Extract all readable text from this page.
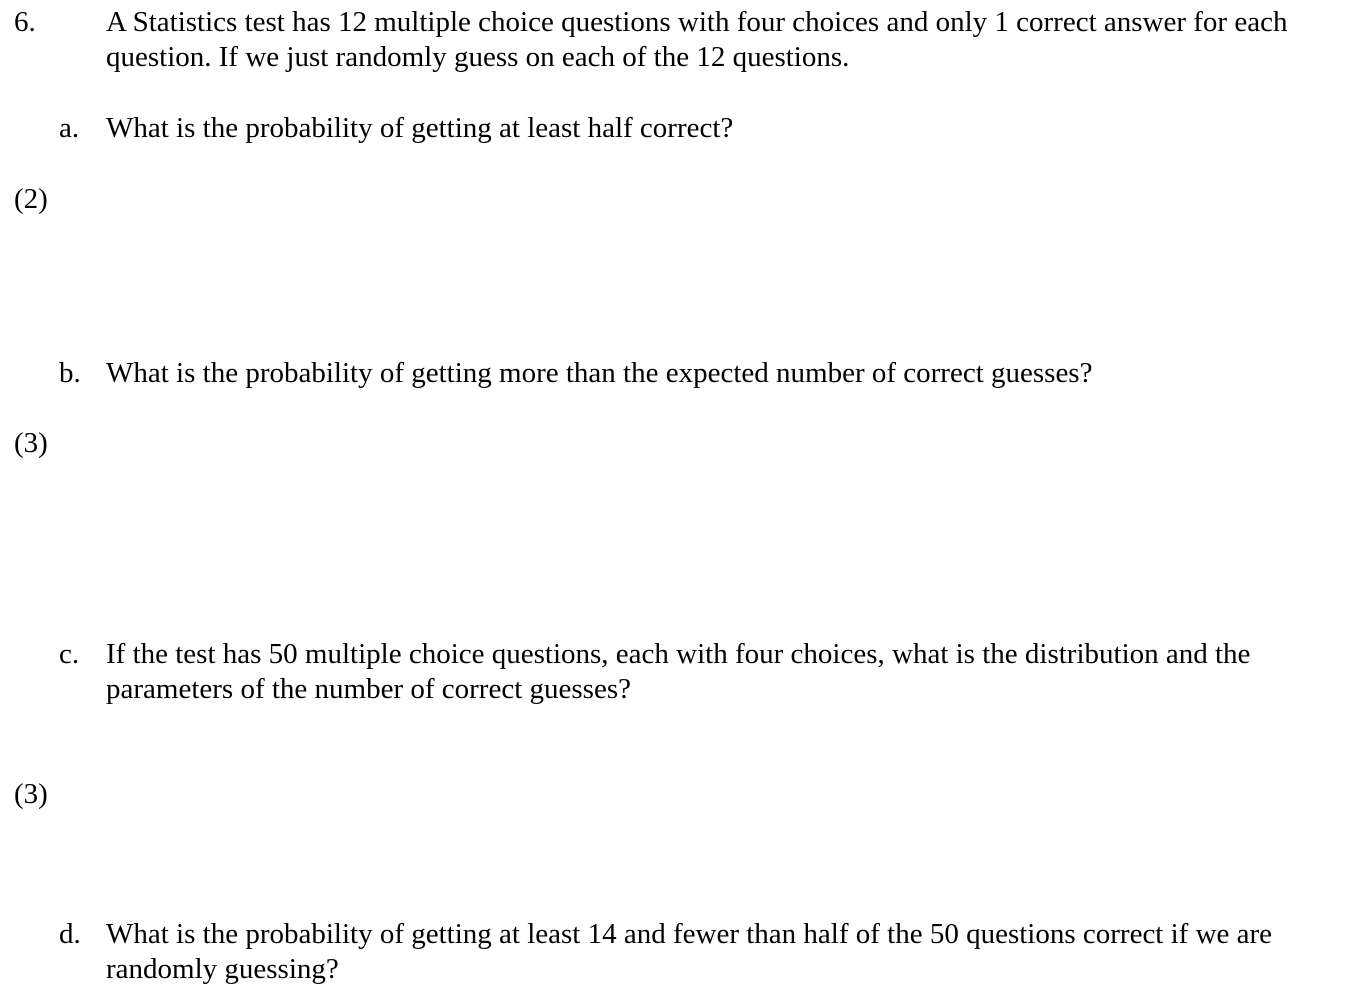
6. A Statistics test has 12 multiple choice questions with four choices and only 1 correct answer for each question. If we just randomly guess on each of the 12 questions.
a. What is the probability of getting at least half correct?
(2)
b. What is the probability of getting more than the expected number of correct guesses?
(3)
c. If the test has 50 multiple choice questions, each with four choices, what is the distribution and the parameters of the number of correct guesses?
(3)
d. What is the probability of getting at least 14 and fewer than half of the 50 questions correct if we are randomly guessing?
